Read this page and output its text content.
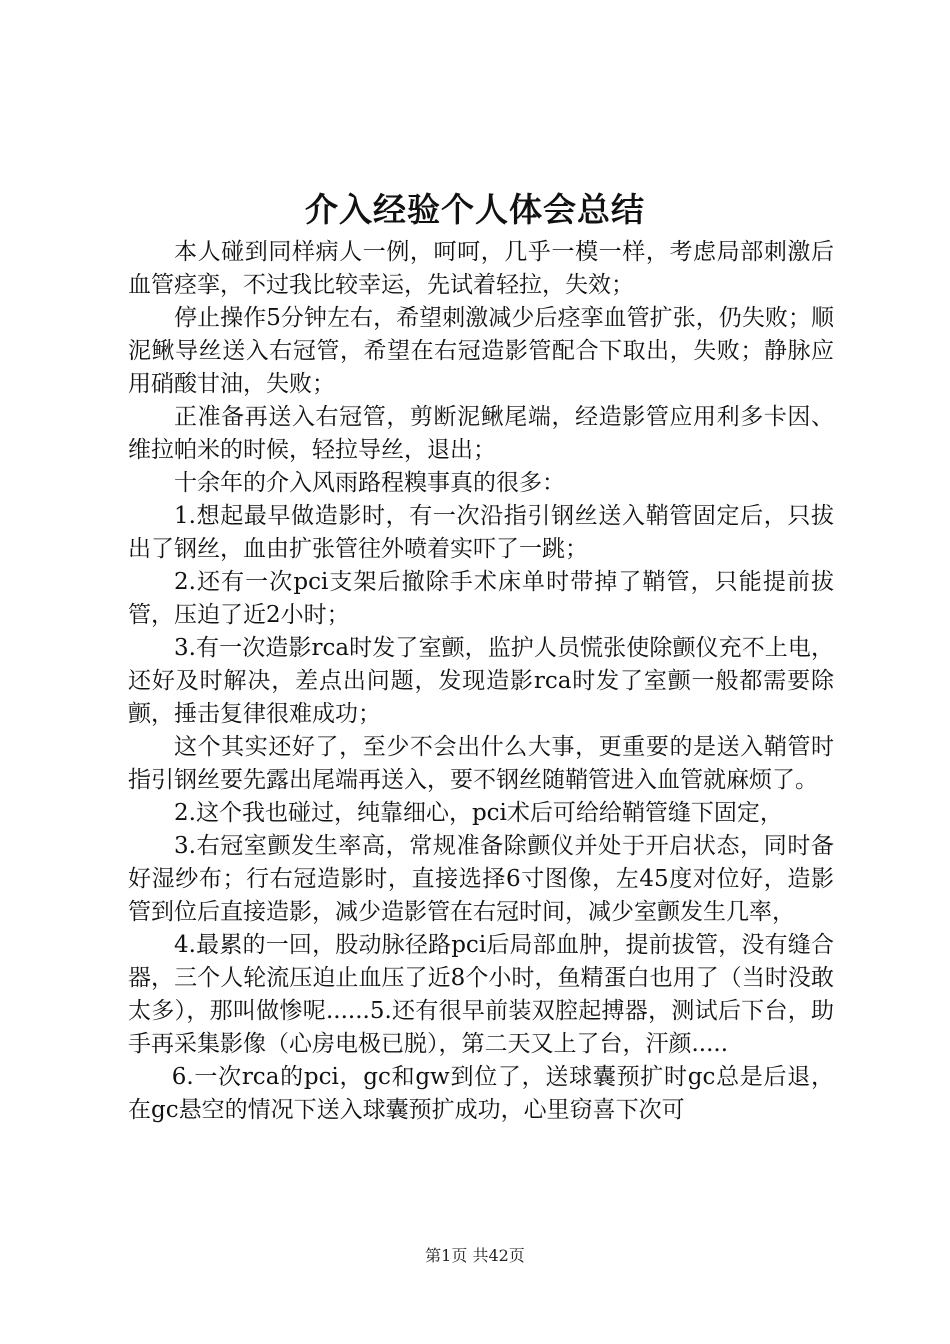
介入经验个人体会总结

本人碰到同样病人一例，呵呵，几乎一模一样，考虑局部刺激后血管痉挛，不过我比较幸运，先试着轻拉，失效；

停止操作5分钟左右，希望刺激减少后痉挛血管扩张，仍失败；顺泥鳅导丝送入右冠管，希望在右冠造影管配合下取出，失败；静脉应用硝酸甘油，失败；

正准备再送入右冠管，剪断泥鳅尾端，经造影管应用利多卡因、维拉帕米的时候，轻拉导丝，退出；

十余年的介入风雨路程糗事真的很多：

1.想起最早做造影时，有一次沿指引钢丝送入鞘管固定后，只拔出了钢丝，血由扩张管往外喷着实吓了一跳；

2.还有一次pci支架后撤除手术床单时带掉了鞘管，只能提前拔管，压迫了近2小时；

3.有一次造影rca时发了室颤，监护人员慌张使除颤仪充不上电，还好及时解决，差点出问题，发现造影rca时发了室颤一般都需要除颤，捶击复律很难成功；

这个其实还好了，至少不会出什么大事，更重要的是送入鞘管时指引钢丝要先露出尾端再送入，要不钢丝随鞘管进入血管就麻烦了。

2.这个我也碰过，纯靠细心，pci术后可给给鞘管缝下固定，

3.右冠室颤发生率高，常规准备除颤仪并处于开启状态，同时备好湿纱布；行右冠造影时，直接选择6寸图像，左45度对位好，造影管到位后直接造影，减少造影管在右冠时间，减少室颤发生几率，

4.最累的一回，股动脉径路pci后局部血肿，提前拔管，没有缝合器，三个人轮流压迫止血压了近8个小时，鱼精蛋白也用了（当时没敢太多），那叫做惨呢......5.还有很早前装双腔起搏器，测试后下台，助手再采集影像（心房电极已脱），第二天又上了台，汗颜.....

6.一次rca的pci，gc和gw到位了，送球囊预扩时gc总是后退，在gc悬空的情况下送入球囊预扩成功，心里窃喜下次可

第1页 共42页
